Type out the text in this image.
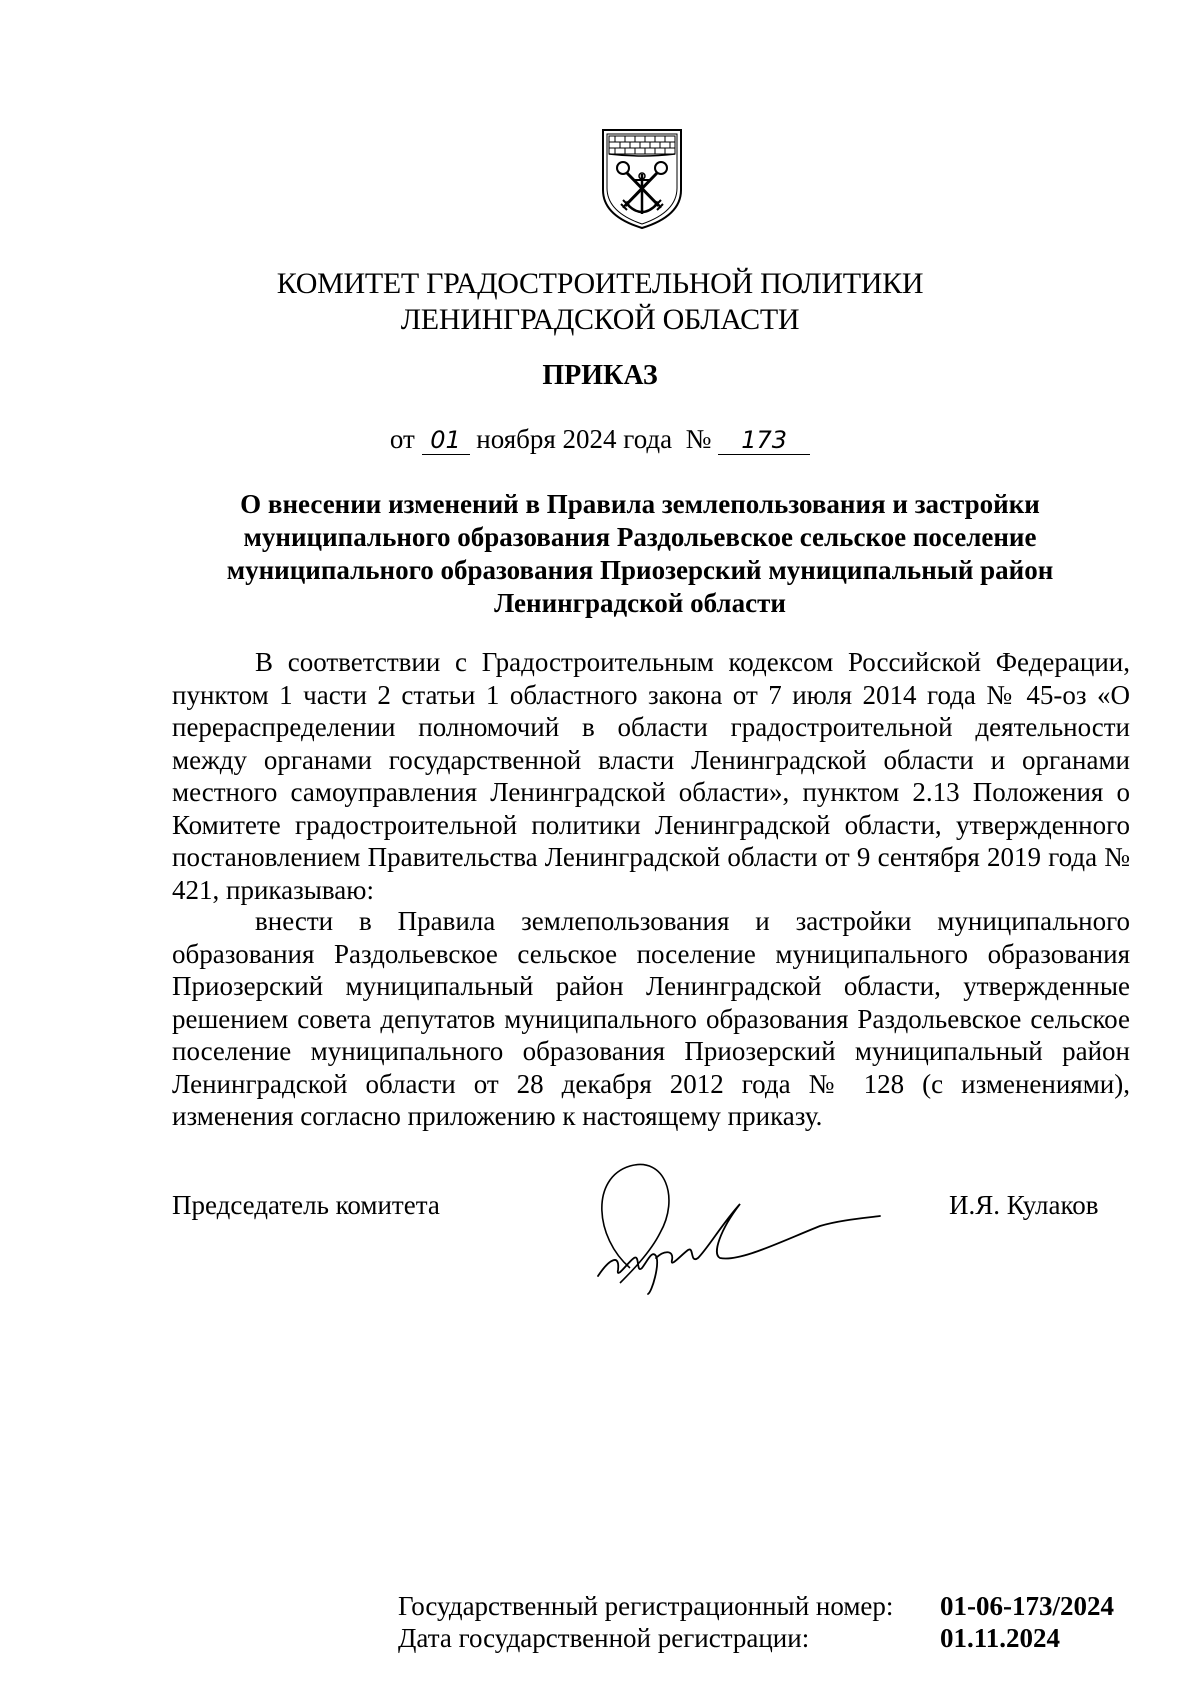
КОМИТЕТ ГРАДОСТРОИТЕЛЬНОЙ ПОЛИТИКИ
ЛЕНИНГРАДСКОЙ ОБЛАСТИ
ПРИКАЗ
от 01 ноября 2024 года № 173
О внесении изменений в Правила землепользования и застройки муниципального образования Раздольевское сельское поселение муниципального образования Приозерский муниципальный район Ленинградской области
В соответствии с Градостроительным кодексом Российской Федерации, пунктом 1 части 2 статьи 1 областного закона от 7 июля 2014 года № 45-оз «О перераспределении полномочий в области градостроительной деятельности между органами государственной власти Ленинградской области и органами местного самоуправления Ленинградской области», пунктом 2.13 Положения о Комитете градостроительной политики Ленинградской области, утвержденного постановлением Правительства Ленинградской области от 9 сентября 2019 года № 421, приказываю:
внести в Правила землепользования и застройки муниципального образования Раздольевское сельское поселение муниципального образования Приозерский муниципальный район Ленинградской области, утвержденные решением совета депутатов муниципального образования Раздольевское сельское поселение муниципального образования Приозерский муниципальный район Ленинградской области от 28 декабря 2012 года № 128 (с изменениями), изменения согласно приложению к настоящему приказу.
Председатель комитета	И.Я. Кулаков
Государственный регистрационный номер: 01-06-173/2024
Дата государственной регистрации:	01.11.2024
